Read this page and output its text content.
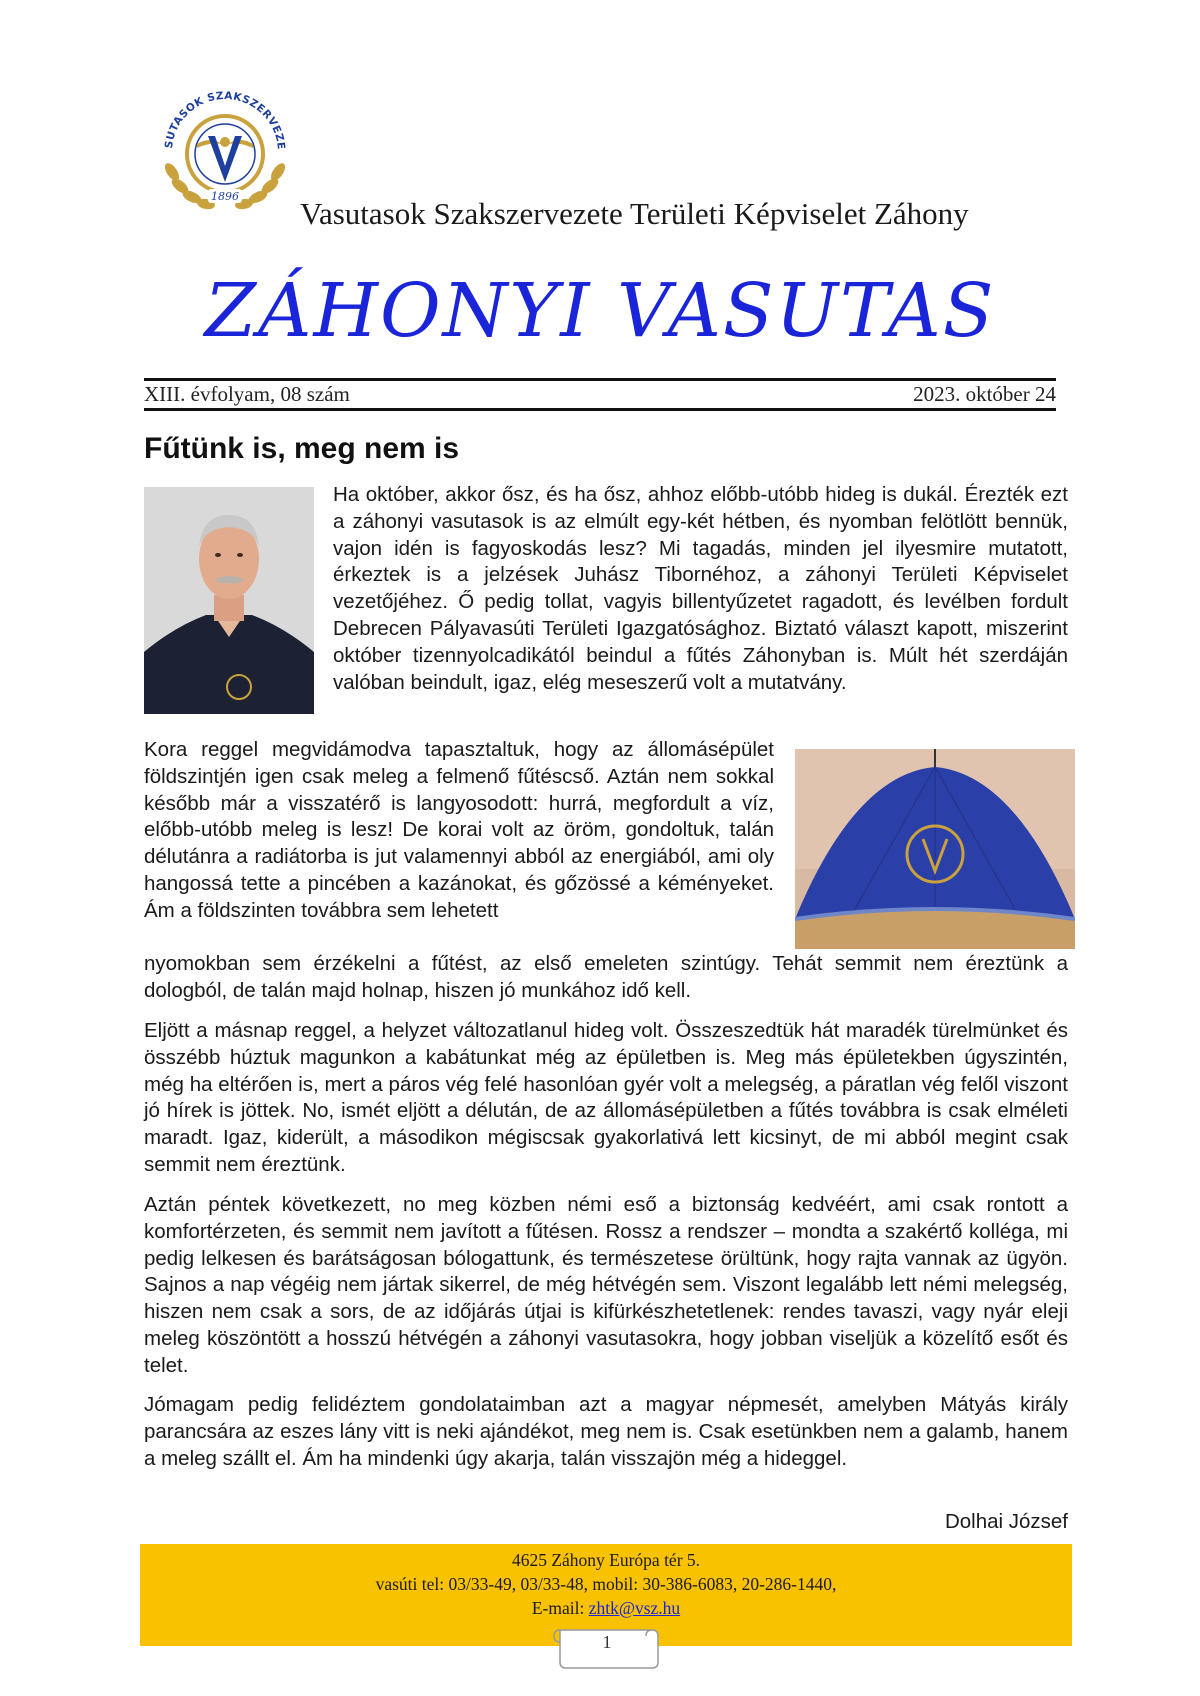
SUTASOK SZAKSZERVEZE
1896 Vasutasok Szakszervezete Területi Képviselet Záhony
ZÁHONYI VASUTAS
XIII. évfolyam, 08 szám	2023. október 24
Fűtünk is, meg nem is
Ha október, akkor ősz, és ha ősz, ahhoz előbb-utóbb hideg is dukál. Érezték ezt a záhonyi vasutasok is az elmúlt egy-két hétben, és nyomban felötlött bennük, vajon idén is fagyoskodás lesz? Mi tagadás, minden jel ilyesmire mutatott, érkeztek is a jelzések Juhász Tibornéhoz, a záhonyi Területi Képviselet vezetőjéhez. Ő pedig tollat, vagyis billentyűzetet ragadott, és levélben fordult Debrecen Pályavasúti Területi Igazgatósághoz. Biztató választ kapott, miszerint október tizennyolcadikától beindul a fűtés Záhonyban is. Múlt hét szerdáján valóban beindult, igaz, elég meseszerű volt a mutatvány.
Kora reggel megvidámodva tapasztaltuk, hogy az állomásépület földszintjén igen csak meleg a felmenő fűtéscső. Aztán nem sokkal később már a visszatérő is langyosodott: hurrá, megfordult a víz, előbb-utóbb meleg is lesz! De korai volt az öröm, gondoltuk, talán délutánra a radiátorba is jut valamennyi abból az energiából, ami oly hangossá tette a pincében a kazánokat, és gőzössé a kéményeket. Ám a földszinten továbbra sem lehetett
nyomokban sem érzékelni a fűtést, az első emeleten szintúgy. Tehát semmit nem éreztünk a dologból, de talán majd holnap, hiszen jó munkához idő kell.
Eljött a másnap reggel, a helyzet változatlanul hideg volt. Összeszedtük hát maradék türelmünket és összébb húztuk magunkon a kabátunkat még az épületben is. Meg más épületekben úgyszintén, még ha eltérően is, mert a páros vég felé hasonlóan gyér volt a melegség, a páratlan vég felől viszont jó hírek is jöttek. No, ismét eljött a délután, de az állomásépületben a fűtés továbbra is csak elméleti maradt. Igaz, kiderült, a másodikon mégiscsak gyakorlativá lett kicsinyt, de mi abból megint csak semmit nem éreztünk.
Aztán péntek következett, no meg közben némi eső a biztonság kedvéért, ami csak rontott a komfortérzeten, és semmit nem javított a fűtésen. Rossz a rendszer – mondta a szakértő kolléga, mi pedig lelkesen és barátságosan bólogattunk, és természetese örültünk, hogy rajta vannak az ügyön. Sajnos a nap végéig nem jártak sikerrel, de még hétvégén sem. Viszont legalább lett némi melegség, hiszen nem csak a sors, de az időjárás útjai is kifürkészhetetlenek: rendes tavaszi, vagy nyár eleji meleg köszöntött a hosszú hétvégén a záhonyi vasutasokra, hogy jobban viseljük a közelítő esőt és telet.
Jómagam pedig felidéztem gondolataimban azt a magyar népmesét, amelyben Mátyás király parancsára az eszes lány vitt is neki ajándékot, meg nem is. Csak esetünkben nem a galamb, hanem a meleg szállt el. Ám ha mindenki úgy akarja, talán visszajön még a hideggel.
Dolhai József
4625 Záhony Európa tér 5.
vasúti tel: 03/33-49, 03/33-48, mobil: 30-386-6083, 20-286-1440,
E-mail: zhtk@vsz.hu
1
